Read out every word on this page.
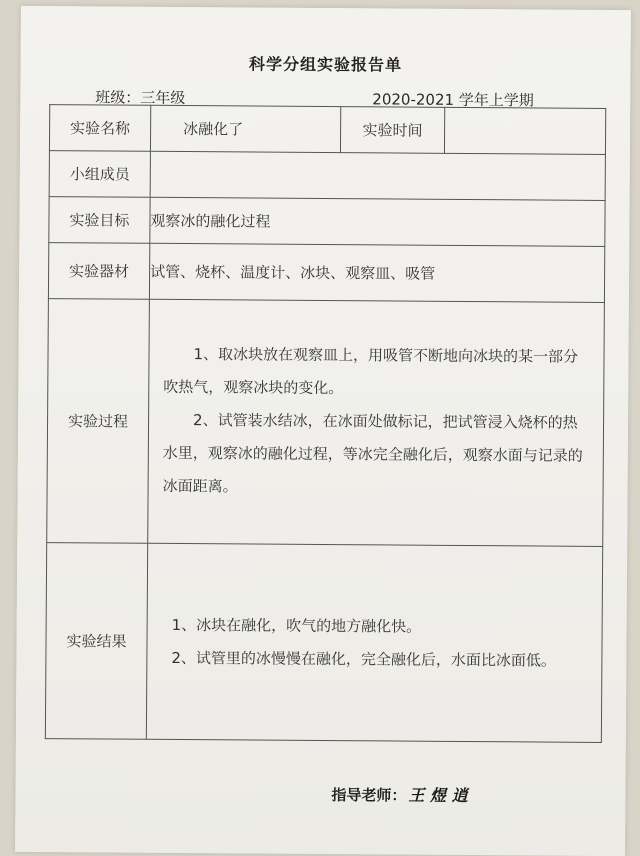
科学分组实验报告单
班级：三年级	2020-2021 学年上学期
实验名称	冰融化了	实验时间	
小组成员			
实验目标	观察冰的融化过程		
实验器材	试管、烧杯、温度计、冰块、观察皿、吸管		
实验过程	1、取冰块放在观察皿上，用吸管不断地向冰块的某一部分吹热气，观察冰块的变化。

2、试管装水结冰，在冰面处做标记，把试管浸入烧杯的热水里，观察冰的融化过程，等冰完全融化后，观察水面与记录的冰面距离。		

实验结果	1、冰块在融化，吹气的地方融化快。

2、试管里的冰慢慢在融化，完全融化后，水面比冰面低。		

指导老师： 王 煜 逍
